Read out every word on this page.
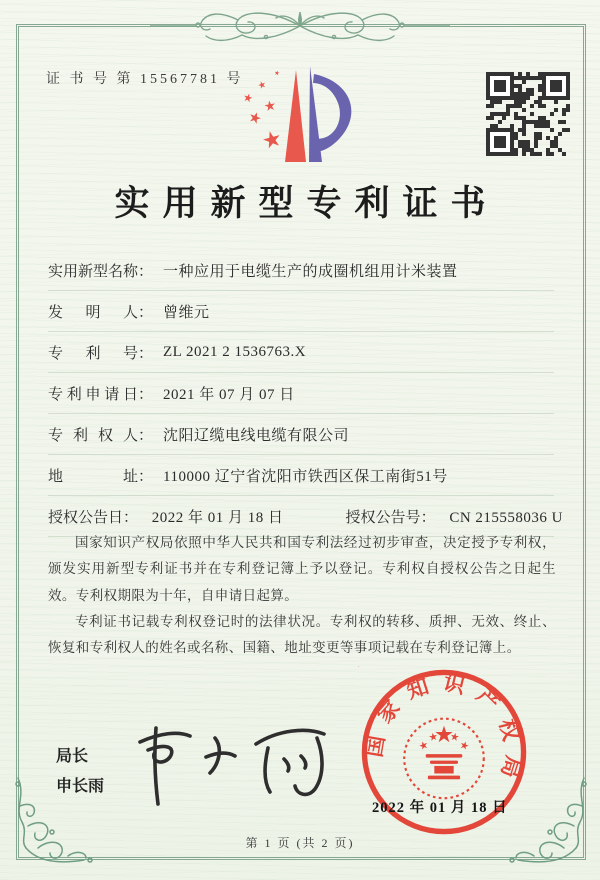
证 书 号 第 15567781 号
实用新型专利证书
实用新型名称 ： 一种应用于电缆生产的成圈机组用计米装置
发明人 ： 曾维元
专利号 ： ZL 2021 2 1536763.X
专利申请日 ： 2021 年 07 月 07 日
专利权人 ： 沈阳辽缆电线电缆有限公司
地址 ： 110000 辽宁省沈阳市铁西区保工南街51号
授权公告日： 2022 年 01 月 18 日	授权公告号： CN 215558036 U

国家知识产权局依照中华人民共和国专利法经过初步审查，决定授予专利权，颁发实用新型专利证书并在专利登记簿上予以登记。专利权自授权公告之日起生效。专利权期限为十年，自申请日起算。

专利证书记载专利权登记时的法律状况。专利权的转移、质押、无效、终止、恢复和专利权人的姓名或名称、国籍、地址变更等事项记载在专利登记簿上。

局长
申长雨
国家知识产权局
2022 年 01 月 18 日
第 1 页 (共 2 页)
